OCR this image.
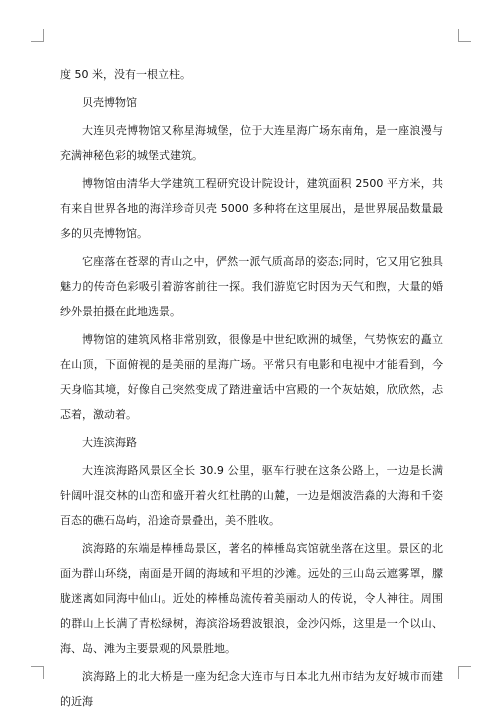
度 50 米，没有一根立柱。

贝壳博物馆

大连贝壳博物馆又称星海城堡，位于大连星海广场东南角，是一座浪漫与充满神秘色彩的城堡式建筑。

博物馆由清华大学建筑工程研究设计院设计，建筑面积 2500 平方米，共有来自世界各地的海洋珍奇贝壳 5000 多种将在这里展出，是世界展品数量最多的贝壳博物馆。

它座落在苍翠的青山之中，俨然一派气质高昂的姿态;同时，它又用它独具魅力的传奇色彩吸引着游客前往一探。我们游览它时因为天气和煦，大量的婚纱外景拍摄在此地选景。

博物馆的建筑风格非常别致，很像是中世纪欧洲的城堡，气势恢宏的矗立在山顶，下面俯视的是美丽的星海广场。平常只有电影和电视中才能看到，今天身临其境，好像自己突然变成了踏进童话中宫殿的一个灰姑娘，欣欣然，忐忑着，激动着。

大连滨海路

大连滨海路风景区全长 30.9 公里，驱车行驶在这条公路上，一边是长满针阔叶混交林的山峦和盛开着火红杜鹃的山麓，一边是烟波浩淼的大海和千姿百态的礁石岛屿，沿途奇景叠出，美不胜收。

滨海路的东端是棒棰岛景区，著名的棒棰岛宾馆就坐落在这里。景区的北面为群山环绕，南面是开阔的海域和平坦的沙滩。远处的三山岛云遮雾罩，朦胧迷离如同海中仙山。近处的棒棰岛流传着美丽动人的传说，令人神往。周围的群山上长满了青松绿树，海滨浴场碧波银浪，金沙闪烁，这里是一个以山、海、岛、滩为主要景观的风景胜地。

滨海路上的北大桥是一座为纪念大连市与日本北九州市结为友好城市而建的近海
